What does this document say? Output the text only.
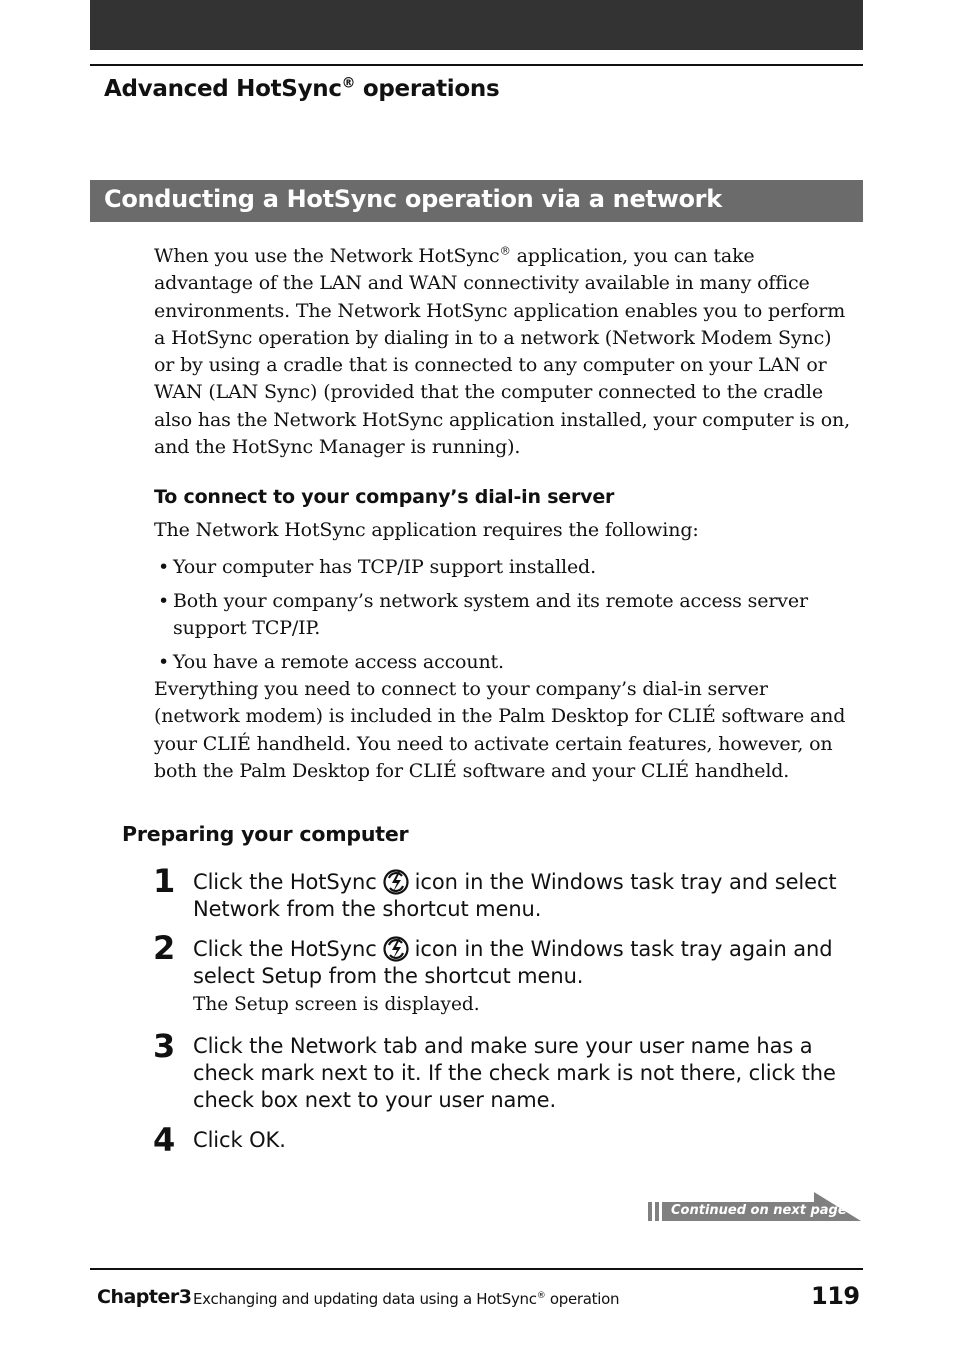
Advanced HotSync® operations
Conducting a HotSync operation via a network
When you use the Network HotSync® application, you can take advantage of the LAN and WAN connectivity available in many office environments. The Network HotSync application enables you to perform a HotSync operation by dialing in to a network (Network Modem Sync) or by using a cradle that is connected to any computer on your LAN or WAN (LAN Sync) (provided that the computer connected to the cradle also has the Network HotSync application installed, your computer is on, and the HotSync Manager is running).
To connect to your company’s dial-in server
The Network HotSync application requires the following:
• Your computer has TCP/IP support installed.
• Both your company’s network system and its remote access server support TCP/IP.
• You have a remote access account.
Everything you need to connect to your company’s dial-in server (network modem) is included in the Palm Desktop for CLIÉ software and your CLIÉ handheld. You need to activate certain features, however, on both the Palm Desktop for CLIÉ software and your CLIÉ handheld.
Preparing your computer
1 Click the HotSync icon in the Windows task tray and select Network from the shortcut menu.
2 Click the HotSync icon in the Windows task tray again and select Setup from the shortcut menu.
The Setup screen is displayed.
3 Click the Network tab and make sure your user name has a check mark next to it. If the check mark is not there, click the check box next to your user name.
4 Click OK.
Continued on next page
Chapter3 Exchanging and updating data using a HotSync® operation	119
